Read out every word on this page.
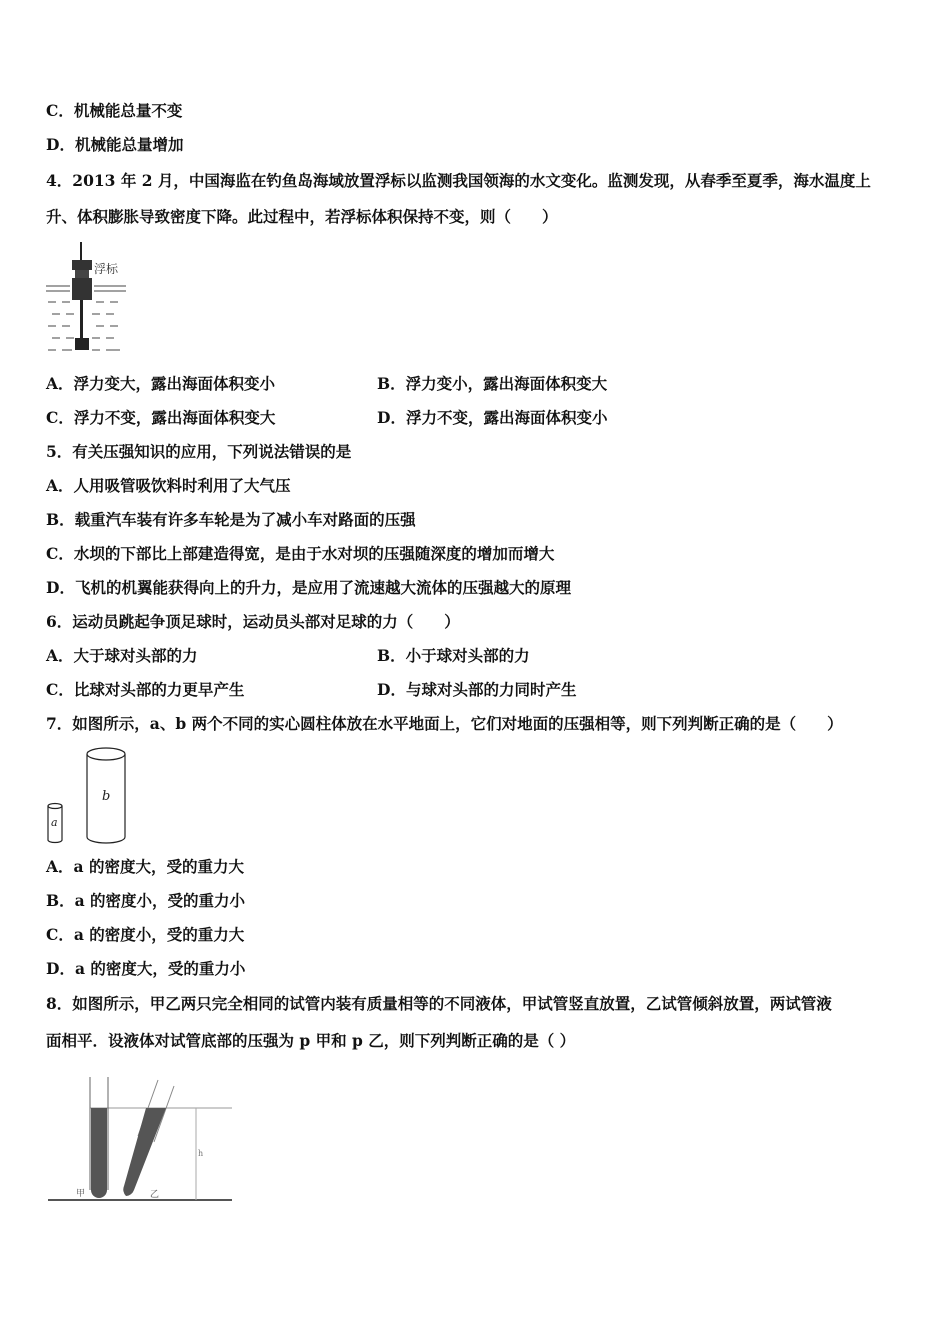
C．机械能总量不变
D．机械能总量增加
4．2013 年 2 月，中国海监在钓鱼岛海域放置浮标以监测我国领海的水文变化。监测发现，从春季至夏季，海水温度上
升、体积膨胀导致密度下降。此过程中，若浮标体积保持不变，则（　　）
浮标
A．浮力变大，露出海面体积变小	B．浮力变小，露出海面体积变大
C．浮力不变，露出海面体积变大	D．浮力不变，露出海面体积变小
5．有关压强知识的应用，下列说法错误的是
A．人用吸管吸饮料时利用了大气压
B．载重汽车装有许多车轮是为了减小车对路面的压强
C．水坝的下部比上部建造得宽，是由于水对坝的压强随深度的增加而增大
D．飞机的机翼能获得向上的升力，是应用了流速越大流体的压强越大的原理
6．运动员跳起争顶足球时，运动员头部对足球的力（　　）
A．大于球对头部的力	B．小于球对头部的力
C．比球对头部的力更早产生	D．与球对头部的力同时产生
7．如图所示，a、b 两个不同的实心圆柱体放在水平地面上，它们对地面的压强相等，则下列判断正确的是（　　）
a
b
A．a 的密度大，受的重力大
B．a 的密度小，受的重力小
C．a 的密度小，受的重力大
D．a 的密度大，受的重力小
8．如图所示，甲乙两只完全相同的试管内装有质量相等的不同液体，甲试管竖直放置，乙试管倾斜放置，两试管液
面相平．设液体对试管底部的压强为 p 甲和 p 乙，则下列判断正确的是（ ）
h
甲	乙
